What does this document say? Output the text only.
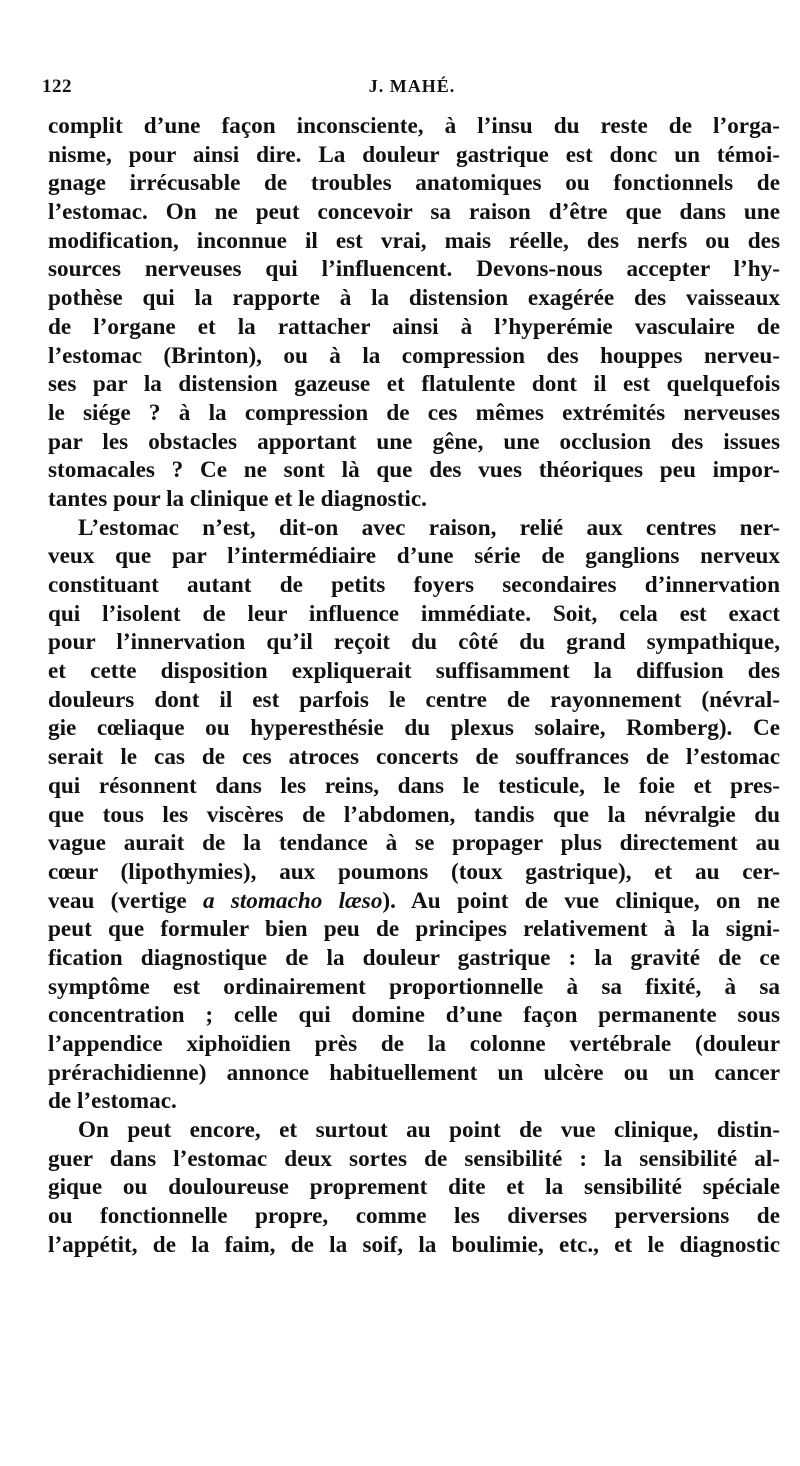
122	J. MAHÉ.
complit d’une façon inconsciente, à l’insu du reste de l’orga-
nisme, pour ainsi dire. La douleur gastrique est donc un témoi-
gnage irrécusable de troubles anatomiques ou fonctionnels de
l’estomac. On ne peut concevoir sa raison d’être que dans une
modification, inconnue il est vrai, mais réelle, des nerfs ou des
sources nerveuses qui l’influencent. Devons-nous accepter l’hy-
pothèse qui la rapporte à la distension exagérée des vaisseaux
de l’organe et la rattacher ainsi à l’hyperémie vasculaire de
l’estomac (Brinton), ou à la compression des houppes nerveu-
ses par la distension gazeuse et flatulente dont il est quelquefois
le siége ? à la compression de ces mêmes extrémités nerveuses
par les obstacles apportant une gêne, une occlusion des issues
stomacales ? Ce ne sont là que des vues théoriques peu impor-
tantes pour la clinique et le diagnostic.
L’estomac n’est, dit-on avec raison, relié aux centres ner-
veux que par l’intermédiaire d’une série de ganglions nerveux
constituant autant de petits foyers secondaires d’innervation
qui l’isolent de leur influence immédiate. Soit, cela est exact
pour l’innervation qu’il reçoit du côté du grand sympathique,
et cette disposition expliquerait suffisamment la diffusion des
douleurs dont il est parfois le centre de rayonnement (névral-
gie cœliaque ou hyperesthésie du plexus solaire, Romberg). Ce
serait le cas de ces atroces concerts de souffrances de l’estomac
qui résonnent dans les reins, dans le testicule, le foie et pres-
que tous les viscères de l’abdomen, tandis que la névralgie du
vague aurait de la tendance à se propager plus directement au
cœur (lipothymies), aux poumons (toux gastrique), et au cer-
veau (vertige a stomacho læso). Au point de vue clinique, on ne
peut que formuler bien peu de principes relativement à la signi-
fication diagnostique de la douleur gastrique : la gravité de ce
symptôme est ordinairement proportionnelle à sa fixité, à sa
concentration ; celle qui domine d’une façon permanente sous
l’appendice xiphoïdien près de la colonne vertébrale (douleur
prérachidienne) annonce habituellement un ulcère ou un cancer
de l’estomac.
On peut encore, et surtout au point de vue clinique, distin-
guer dans l’estomac deux sortes de sensibilité : la sensibilité al-
gique ou douloureuse proprement dite et la sensibilité spéciale
ou fonctionnelle propre, comme les diverses perversions de
l’appétit, de la faim, de la soif, la boulimie, etc., et le diagnostic
